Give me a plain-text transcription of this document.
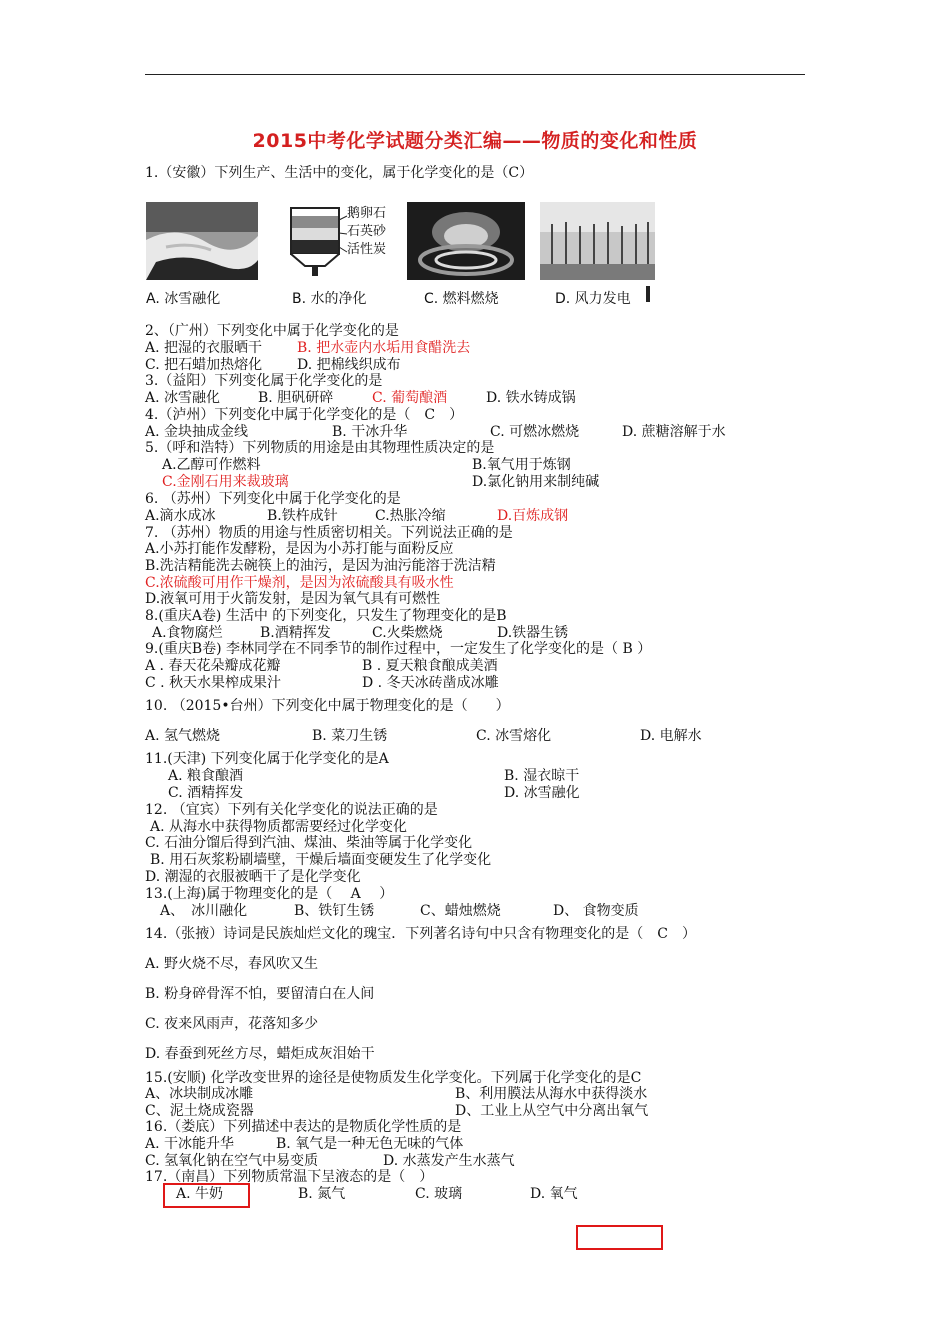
2015中考化学试题分类汇编——物质的变化和性质
1.（安徽）下列生产、生活中的变化，属于化学变化的是（C）
A. 冰雪融化
鹅卵石
石英砂
活性炭
B. 水的净化	C. 燃料燃烧	D. 风力发电
2、（广州）下列变化中属于化学变化的是
A. 把湿的衣服晒干 B. 把水壶内水垢用食醋洗去
C. 把石蜡加热熔化 D. 把棉线织成布
3.（益阳）下列变化属于化学变化的是
A. 冰雪融化	B. 胆矾研碎	C. 葡萄酿酒	D. 铁水铸成锅
4.（泸州）下列变化中属于化学变化的是（　C　）
A. 金块抽成金线	B. 干冰升华	C. 可燃冰燃烧	D. 蔗糖溶解于水
5.（呼和浩特）下列物质的用途是由其物理性质决定的是
A.乙醇可作燃料	B.氧气用于炼钢
C.金刚石用来裁玻璃	D.氯化钠用来制纯碱
6. （苏州）下列变化中属于化学变化的是
A.滴水成冰	B.铁杵成针	C.热胀冷缩	D.百炼成钢
7. （苏州）物质的用途与性质密切相关。下列说法正确的是
A.小苏打能作发酵粉，是因为小苏打能与面粉反应
B.洗洁精能洗去碗筷上的油污，是因为油污能溶于洗洁精
C.浓硫酸可用作干燥剂，是因为浓硫酸具有吸水性
D.液氧可用于火箭发射，是因为氧气具有可燃性
8.(重庆A卷) 生活中 的下列变化，只发生了物理变化的是B
A.食物腐烂	B.酒精挥发	C.火柴燃烧	D.铁器生锈
9.(重庆B卷) 李林同学在不同季节的制作过程中，一定发生了化学变化的是（ B ）
A . 春天花朵瓣成花瓣	B . 夏天粮食酿成美酒
C . 秋天水果榨成果汁	D . 冬天冰砖凿成冰雕
10. （2015•台州）下列变化中属于物理变化的是（　　）
A. 氢气燃烧	B. 菜刀生锈	C. 冰雪熔化	D. 电解水
11.(天津) 下列变化属于化学变化的是A
A. 粮食酿酒	B. 湿衣晾干
C. 酒精挥发	D. 冰雪融化
12. （宜宾）下列有关化学变化的说法正确的是
A. 从海水中获得物质都需要经过化学变化
C. 石油分馏后得到汽油、煤油、柴油等属于化学变化
B. 用石灰浆粉刷墙壁，干燥后墙面变硬发生了化学变化
D. 潮湿的衣服被晒干了是化学变化
13.(上海)属于物理变化的是（　 A　 ）
A、　冰川融化	B、铁钉生锈	C、蜡烛燃烧	D、 食物变质
14.（张掖）诗词是民族灿烂文化的瑰宝．下列著名诗句中只含有物理变化的是（　C　）
A. 野火烧不尽，春风吹又生
B. 粉身碎骨浑不怕，要留清白在人间
C. 夜来风雨声，花落知多少
D. 春蚕到死丝方尽，蜡炬成灰泪始干
15.(安顺) 化学改变世界的途径是使物质发生化学变化。下列属于化学变化的是C
A、冰块制成冰雕	B、利用膜法从海水中获得淡水
C、泥土烧成瓷器	D、工业上从空气中分离出氧气
16.（娄底）下列描述中表达的是物质化学性质的是
A. 干冰能升华	B. 氧气是一种无色无味的气体
C. 氢氧化钠在空气中易变质	D. 水蒸发产生水蒸气
17.（南昌）下列物质常温下呈液态的是（　）
A. 牛奶	B. 氮气	C. 玻璃	D. 氧气
